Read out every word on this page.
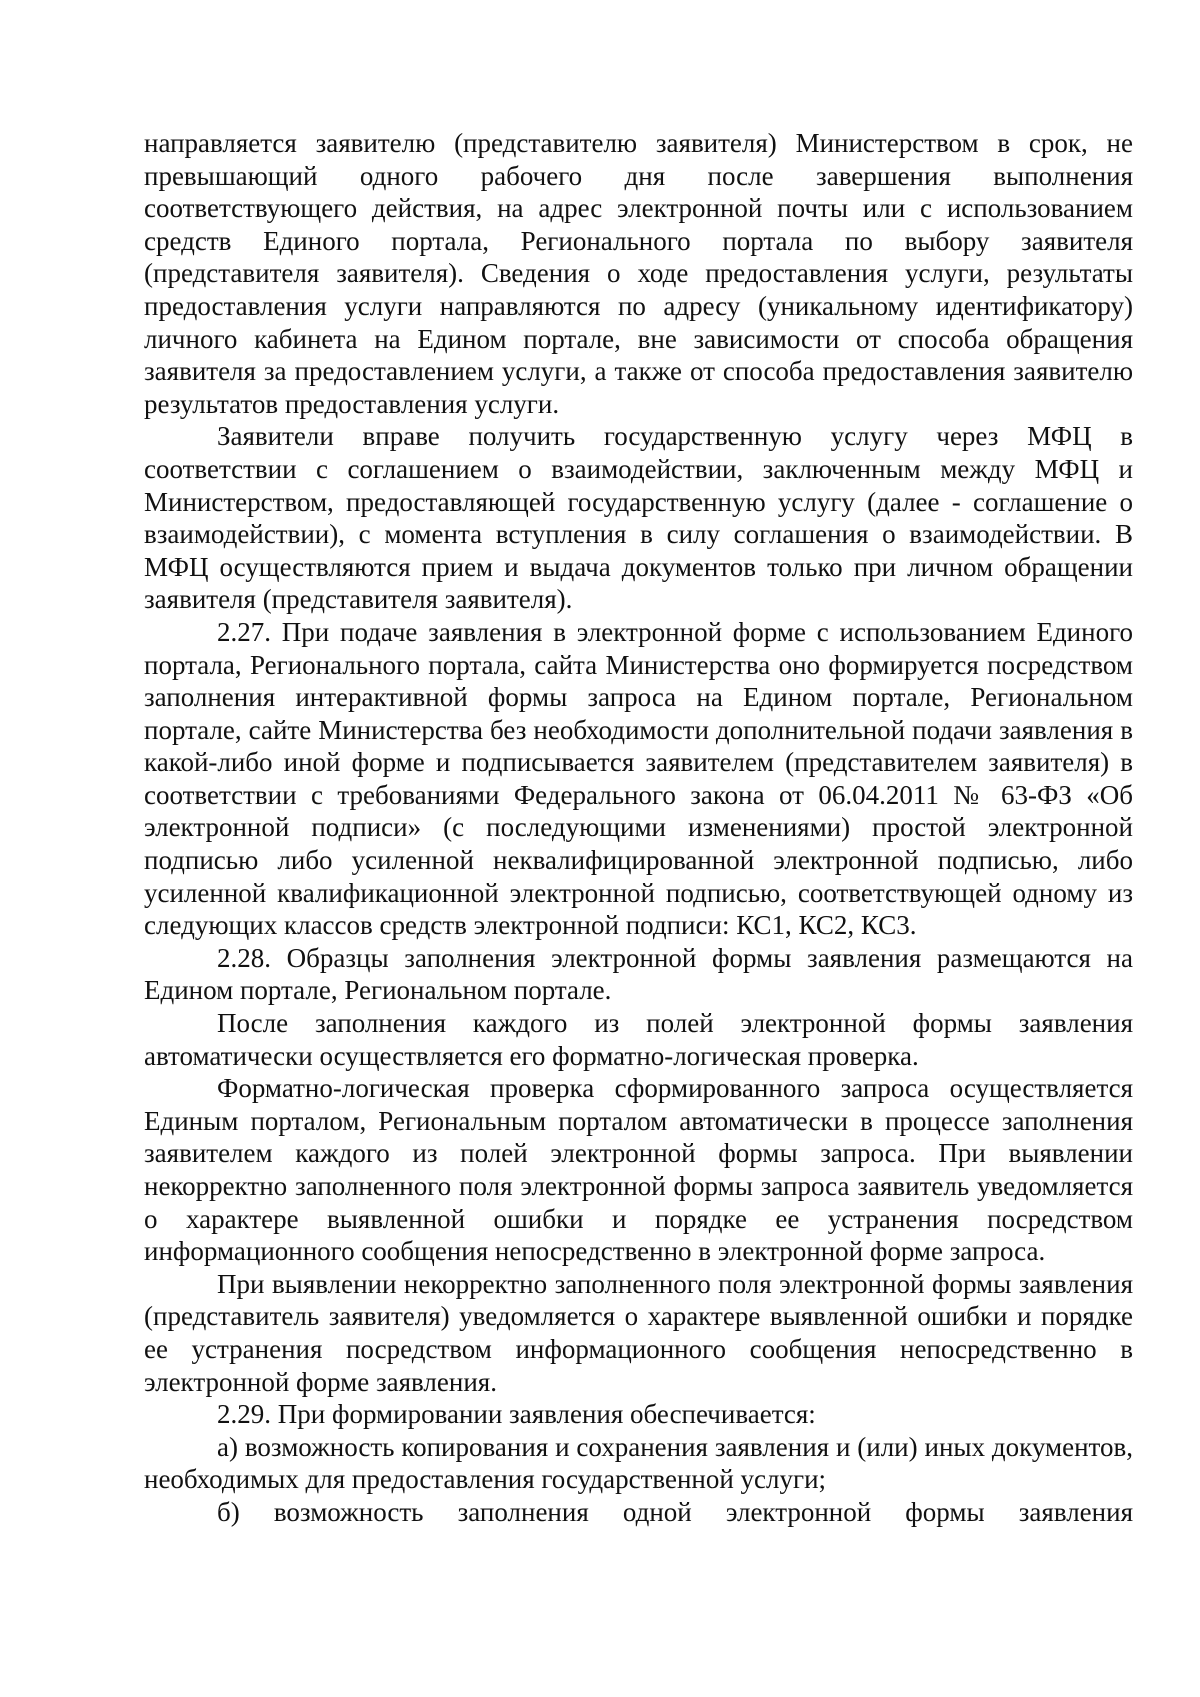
направляется заявителю (представителю заявителя) Министерством в срок, не превышающий одного рабочего дня после завершения выполнения соответствующего действия, на адрес электронной почты или с использованием средств Единого портала, Регионального портала по выбору заявителя (представителя заявителя). Сведения о ходе предоставления услуги, результаты предоставления услуги направляются по адресу (уникальному идентификатору) личного кабинета на Едином портале, вне зависимости от способа обращения заявителя за предоставлением услуги, а также от способа предоставления заявителю результатов предоставления услуги.

Заявители вправе получить государственную услугу через МФЦ в соответствии с соглашением о взаимодействии, заключенным между МФЦ и Министерством, предоставляющей государственную услугу (далее - соглашение о взаимодействии), с момента вступления в силу соглашения о взаимодействии. В МФЦ осуществляются прием и выдача документов только при личном обращении заявителя (представителя заявителя).

2.27. При подаче заявления в электронной форме с использованием Единого портала, Регионального портала, сайта Министерства оно формируется посредством заполнения интерактивной формы запроса на Едином портале, Региональном портале, сайте Министерства без необходимости дополнительной подачи заявления в какой-либо иной форме и подписывается заявителем (представителем заявителя) в соответствии с требованиями Федерального закона от 06.04.2011 № 63-ФЗ «Об электронной подписи» (с последующими изменениями) простой электронной подписью либо усиленной неквалифицированной электронной подписью, либо усиленной квалификационной электронной подписью, соответствующей одному из следующих классов средств электронной подписи: КС1, КС2, КС3.

2.28. Образцы заполнения электронной формы заявления размещаются на Едином портале, Региональном портале.

После заполнения каждого из полей электронной формы заявления автоматически осуществляется его форматно-логическая проверка.

Форматно-логическая проверка сформированного запроса осуществляется Единым порталом, Региональным порталом автоматически в процессе заполнения заявителем каждого из полей электронной формы запроса. При выявлении некорректно заполненного поля электронной формы запроса заявитель уведомляется о характере выявленной ошибки и порядке ее устранения посредством информационного сообщения непосредственно в электронной форме запроса.

При выявлении некорректно заполненного поля электронной формы заявления (представитель заявителя) уведомляется о характере выявленной ошибки и порядке ее устранения посредством информационного сообщения непосредственно в электронной форме заявления.

2.29. При формировании заявления обеспечивается:

а) возможность копирования и сохранения заявления и (или) иных документов, необходимых для предоставления государственной услуги;

б) возможность заполнения одной электронной формы заявления
